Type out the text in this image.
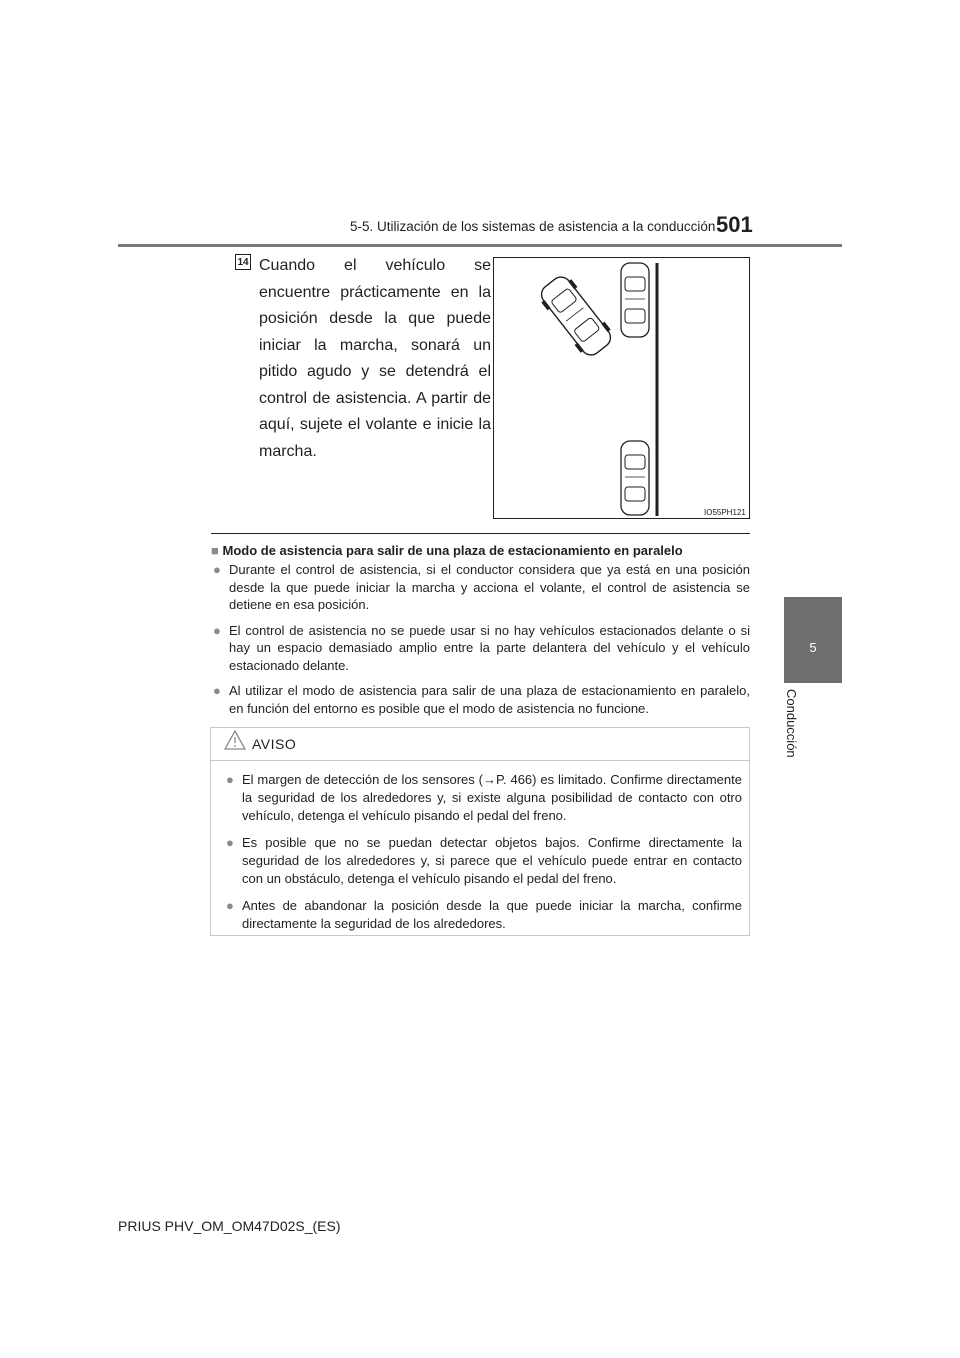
5-5. Utilización de los sistemas de asistencia a la conducción 501
5
Conducción
14 Cuando el vehículo se encuentre prácticamente en la posición desde la que puede iniciar la marcha, sonará un pitido agudo y se detendrá el control de asistencia. A partir de aquí, sujete el volante e inicie la marcha.
IO55PH121
■ Modo de asistencia para salir de una plaza de estacionamiento en paralelo
● Durante el control de asistencia, si el conductor considera que ya está en una posición desde la que puede iniciar la marcha y acciona el volante, el control de asistencia se detiene en esa posición.
● El control de asistencia no se puede usar si no hay vehículos estacionados delante o si hay un espacio demasiado amplio entre la parte delantera del vehículo y el vehículo estacionado delante.
● Al utilizar el modo de asistencia para salir de una plaza de estacionamiento en paralelo, en función del entorno es posible que el modo de asistencia no funcione.
AVISO
● El margen de detección de los sensores (→P. 466) es limitado. Confirme directamente la seguridad de los alrededores y, si existe alguna posibilidad de contacto con otro vehículo, detenga el vehículo pisando el pedal del freno.
● Es posible que no se puedan detectar objetos bajos. Confirme directamente la seguridad de los alrededores y, si parece que el vehículo puede entrar en contacto con un obstáculo, detenga el vehículo pisando el pedal del freno.
● Antes de abandonar la posición desde la que puede iniciar la marcha, confirme directamente la seguridad de los alrededores.
PRIUS PHV_OM_OM47D02S_(ES)
